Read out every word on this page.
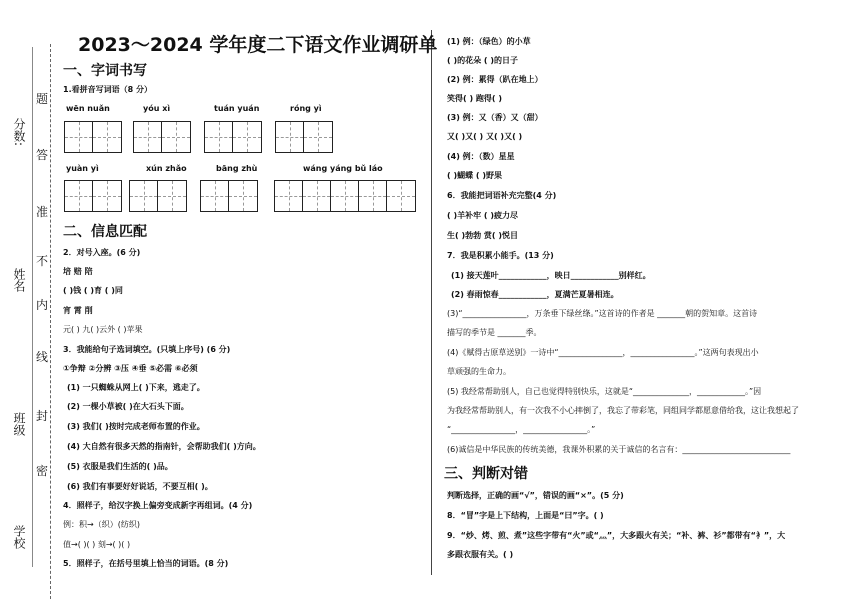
分数:
姓名
班级
学校
题
答
准
不
内
线
封
密
2023～2024 学年度二下语文作业调研单
一、字词书写
1.看拼音写词语（8 分）
wēn nuǎn	yóu xì	tuán yuán	róng yì
yuàn yì	xún zhǎo	bāng zhù	wáng yáng bǔ láo
二、信息匹配
2．对号入座。(6 分)
培 赔 陪
( )钱 ( )育 ( )同
宵 霄 削
元( ) 九( )云外 ( )苹果
3．我能给句子选词填空。(只填上序号) (6 分)
①争辩 ②分辨 ③压 ④垂 ⑤必需 ⑥必须
(1) 一只蜘蛛从网上( )下来，逃走了。
(2) 一棵小草被( )在大石头下面。
(3) 我们( )按时完成老师布置的作业。
(4) 大自然有很多天然的指南针，会帮助我们( )方向。
(5) 衣服是我们生活的( )品。
(6) 我们有事要好好说话，不要互相( )。
4．照样子，给汉字换上偏旁变成新字再组词。(4 分)
例：积→（织）(纺织)
值→( )( ) 刻→( )( )
5．照样子，在括号里填上恰当的词语。(8 分)
(1) 例：（绿色）的小草
( )的花朵 ( )的日子
(2) 例：累得（趴在地上）
笑得( ) 跑得( )
(3) 例：又（香）又（甜）
又( )又( ) 又( )又( )
(4) 例：（数）星星
( )蝴蝶 ( )野果
6．我能把词语补充完整(4 分)
( )羊补牢 ( )疲力尽
生( )勃勃 赏( )悦目
7．我是积累小能手。(13 分)
(1) 接天莲叶____________，映日____________别样红。
(2) 春雨惊春____________，夏满芒夏暑相连。
(3)“________________，万条垂下绿丝绦。”这首诗的作者是 _______朝的贺知章。这首诗
描写的季节是 _______季。
(4)《赋得古原草送别》一诗中“________________，________________。”这两句表现出小
草顽强的生命力。
(5) 我经常帮助别人，自己也觉得特别快乐，这就是“______________，____________。”因
为我经常帮助别人，有一次我不小心摔倒了，我忘了带彩笔，同组同学都愿意借给我，这让我想起了
“________________，________________。”
(6)诚信是中华民族的传统美德，我课外积累的关于诚信的名言有：___________________________
三、判断对错
判断选择，正确的画“√”，错误的画“×”。(5 分)
8．“冒”字是上下结构，上面是“曰”字。( )
9．“炒、烤、煎、煮”这些字带有“火”或“灬”，大多跟火有关；“补、裤、衫”都带有“衤”，大
多跟衣服有关。( )
